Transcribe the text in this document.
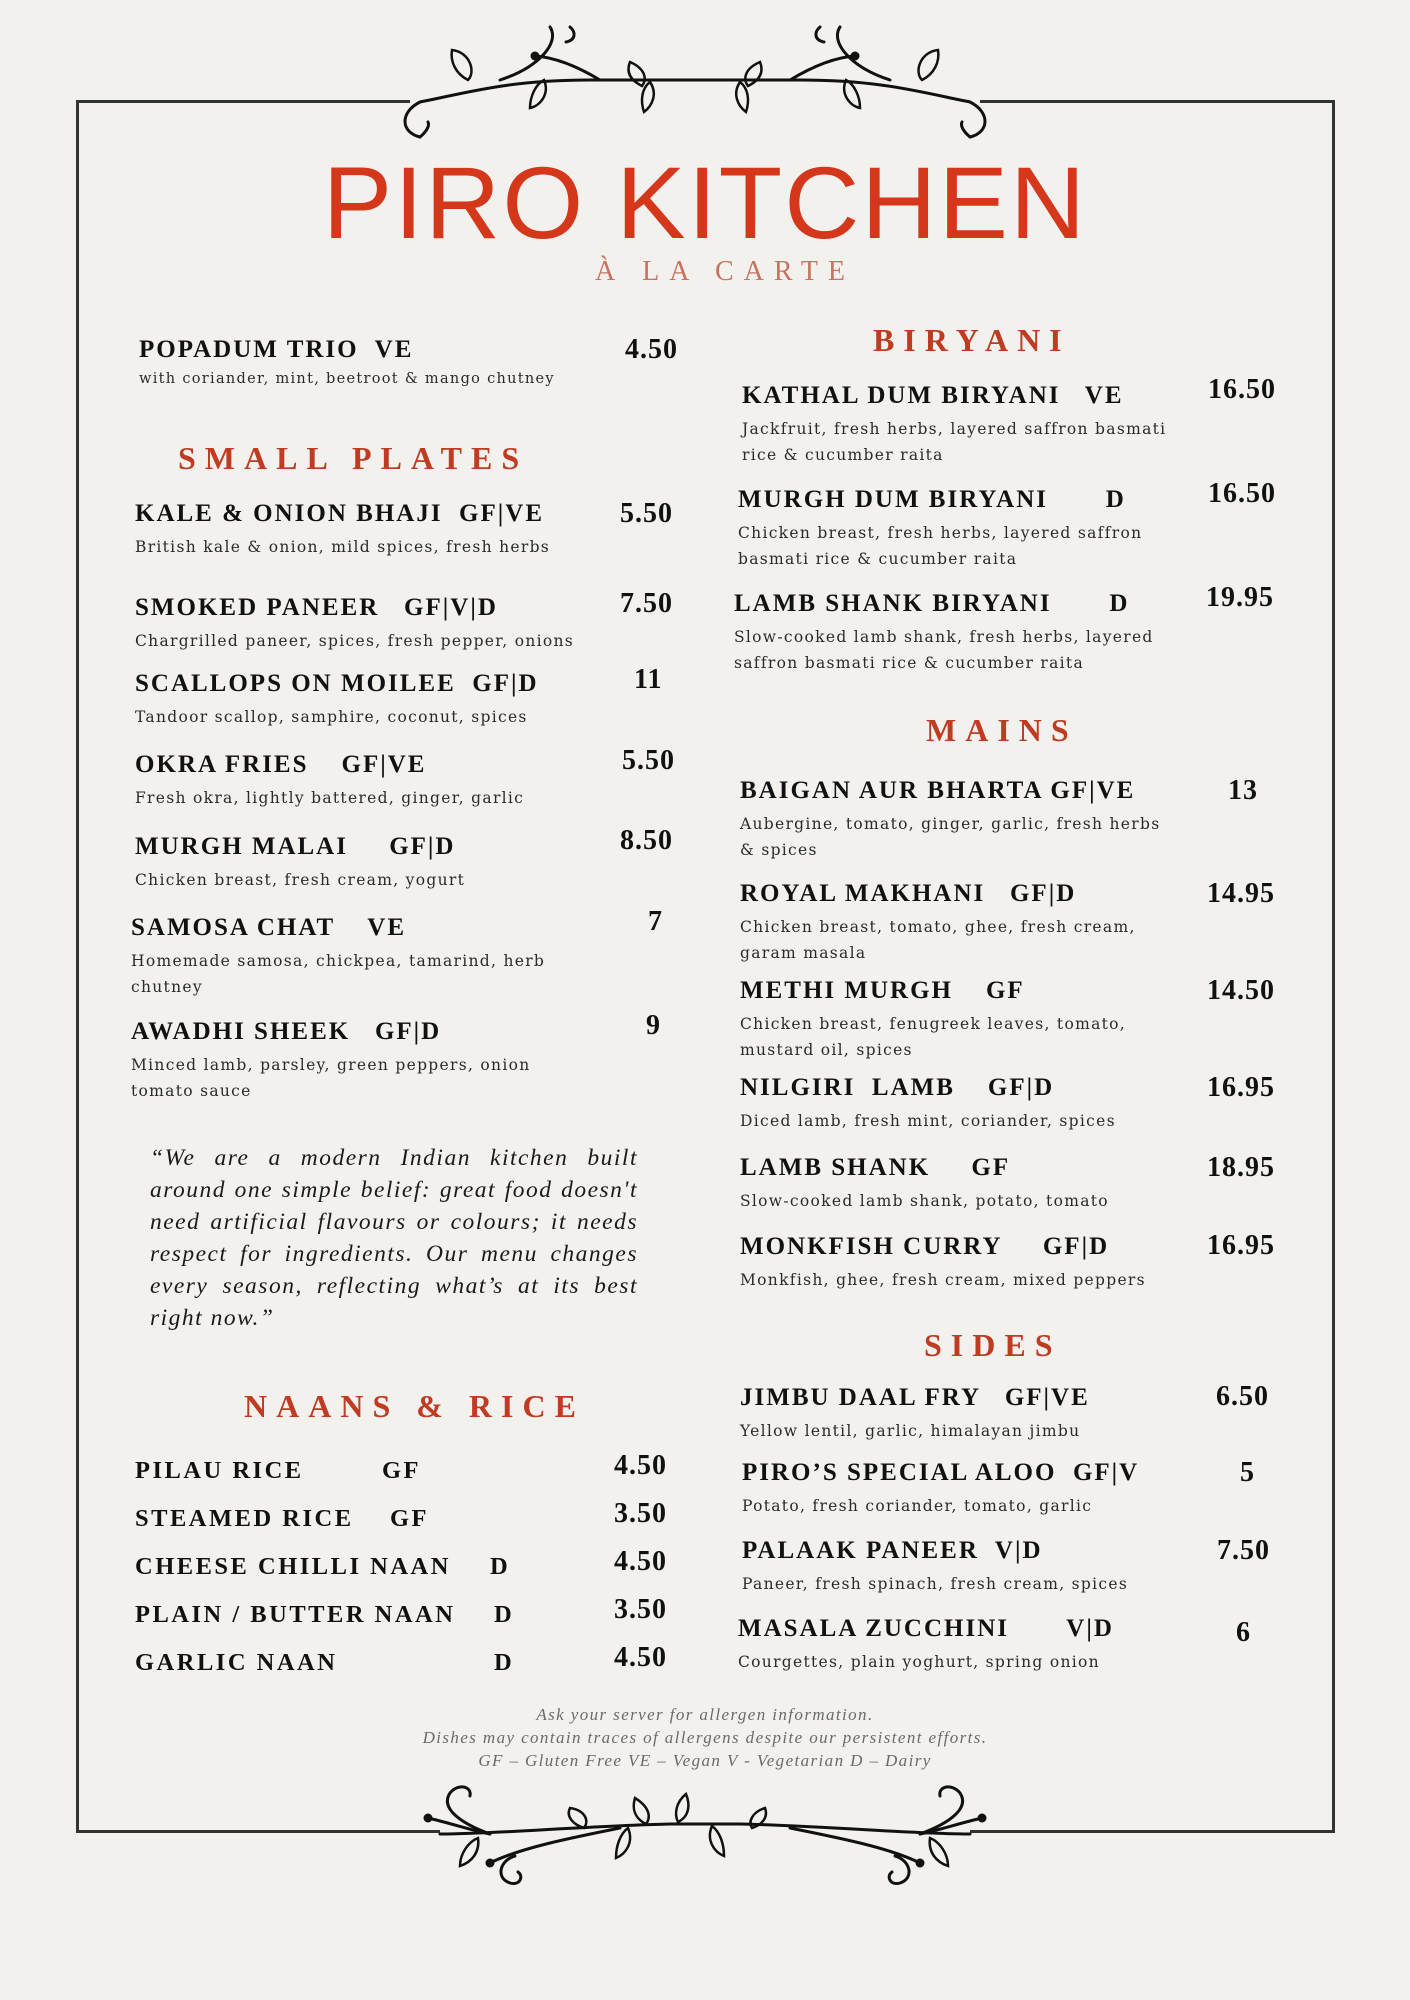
PIRO KITCHEN
À LA CARTE
POPADUM TRIO  VE
with coriander, mint, beetroot & mango chutney
4.50
SMALL PLATES
KALE & ONION BHAJI  GF|VE
British kale & onion, mild spices, fresh herbs
5.50
SMOKED PANEER   GF|V|D
Chargrilled paneer, spices, fresh pepper, onions
7.50
SCALLOPS ON MOILEE  GF|D
Tandoor scallop, samphire, coconut, spices
11
OKRA FRIES    GF|VE
Fresh okra, lightly battered, ginger, garlic
5.50
MURGH MALAI     GF|D
Chicken breast, fresh cream, yogurt
8.50
SAMOSA CHAT    VE
Homemade samosa, chickpea, tamarind, herb chutney
7
AWADHI SHEEK   GF|D
Minced lamb, parsley, green peppers, onion tomato sauce
9
“We are a modern Indian kitchen built around one simple belief: great food doesn't need artificial flavours or colours; it needs respect for ingredients. Our menu changes every season, reflecting what’s at its best right now.”
NAANS & RICE
PILAU RICE	GF	4.50
STEAMED RICE GF	3.50
CHEESE CHILLI NAAN D	4.50
PLAIN / BUTTER NAAN D	3.50
GARLIC NAAN	D	4.50
BIRYANI
KATHAL DUM BIRYANI   VE
Jackfruit, fresh herbs, layered saffron basmati rice & cucumber raita
16.50
MURGH DUM BIRYANI       D
Chicken breast, fresh herbs, layered saffron basmati rice & cucumber raita
16.50
LAMB SHANK BIRYANI       D
Slow-cooked lamb shank, fresh herbs, layered saffron basmati rice & cucumber raita
19.95
MAINS
BAIGAN AUR BHARTA GF|VE
Aubergine, tomato, ginger, garlic, fresh herbs & spices
13
ROYAL MAKHANI   GF|D
Chicken breast, tomato, ghee, fresh cream, garam masala
14.95
METHI MURGH    GF
Chicken breast, fenugreek leaves, tomato, mustard oil, spices
14.50
NILGIRI  LAMB    GF|D
Diced lamb, fresh mint, coriander, spices
16.95
LAMB SHANK     GF
Slow-cooked lamb shank, potato, tomato
18.95
MONKFISH CURRY     GF|D
Monkfish, ghee, fresh cream, mixed peppers
16.95
SIDES
JIMBU DAAL FRY   GF|VE
Yellow lentil, garlic, himalayan jimbu
6.50
PIRO’S SPECIAL ALOO  GF|V
Potato, fresh coriander, tomato, garlic
5
PALAAK PANEER  V|D
Paneer, fresh spinach, fresh cream, spices
7.50
MASALA ZUCCHINI       V|D
Courgettes, plain yoghurt, spring onion
6
Ask your server for allergen information.
Dishes may contain traces of allergens despite our persistent efforts.
GF – Gluten Free VE – Vegan V - Vegetarian D – Dairy
